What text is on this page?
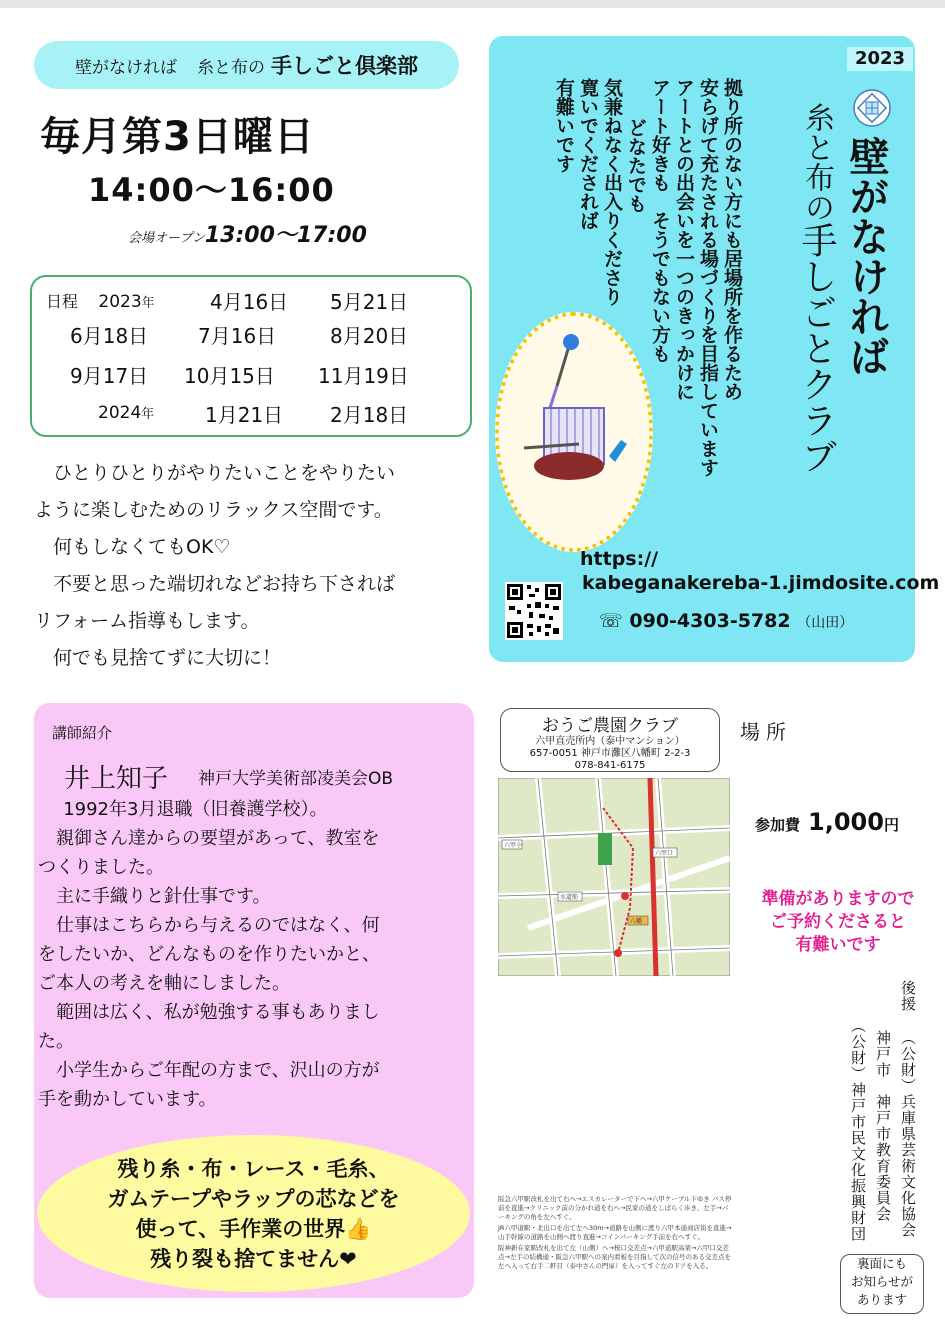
壁がなければ 糸と布の 手しごと倶楽部
毎月第3日曜日
14:00〜16:00
会場オープン13:00〜17:00
日程 2023年	4月16日 5月21日
6月18日 7月16日	8月20日
9月17日 10月15日 11月19日
2024年	1月21日 2月18日

ひとりひとりがやりたいことをやりたい

ように楽しむためのリラックス空間です。

何もしなくてもOK♡

不要と思った端切れなどお持ち下されば

リフォーム指導もします。

何でも見捨てずに大切に！

2023
壁がなければ
糸と布の手しごとクラブ
拠り所のない方にも居場所を作るため
安らげて充たされる場づくりを目指しています
アートとの出会いを一つのきっかけに
アート好きも　そうでもない方も
どなたでも
気兼ねなく出入りくださり
寛いでくだされば
有難いです
https://
kabeganakereba-1.jimdosite.com
☏ 090-4303-5782 （山田）
講師紹介
井上知子 神戸大学美術部凌美会OB

1992年3月退職（旧養護学校）。

親御さん達からの要望があって、教室を

つくりました。

主に手織りと針仕事です。

仕事はこちらから与えるのではなく、何

をしたいか、どんなものを作りたいかと、

ご本人の考えを軸にしました。

範囲は広く、私が勉強する事もありまし

た。

小学生からご年配の方まで、沢山の方が

手を動かしています。

残り糸・布・レース・毛糸、
ガムテープやラップの芯などを
使って、手作業の世界👍
残り裂も捨てません❤
おうご農園クラブ
六甲直売所内（泰中マンション）
657-0051 神戸市灘区八幡町 2-2-3
078-841-6175
場所
六甲小
六甲口
水道筋
八幡
阪急六甲駅改札を出て右へ→エスカレーターで下へ→六甲ケーブル下ゆき バス停前を直進→クリニック前の分かれ道を右へ→民家の道をしばらく歩き、左手→パーキングの角を左へすぐ。
JR六甲道駅・北出口を出て左へ30m→道路を山側に渡り六甲本通商店街を直進→山手幹線の道路を山側へ渡り直進→コインパーキング手前を右へすぐ。
阪神新在家駅改札を出て左（山側）へ→桜口交差点→六甲道駅高架→六甲口交差点→左手の結構通・阪急六甲駅への案内看板を目指して次の信号のある交差点を左へ入って右手二軒目（泰中さんの門扉）を入ってすぐ左のドアを入る。
参加費 1,000円
準備がありますので
ご予約くださると
有難いです
後援
（公財）兵庫県芸術文化協会
神戸市　神戸市教育委員会
（公財）神戸市民文化振興財団
裏面にも
お知らせが
あります
